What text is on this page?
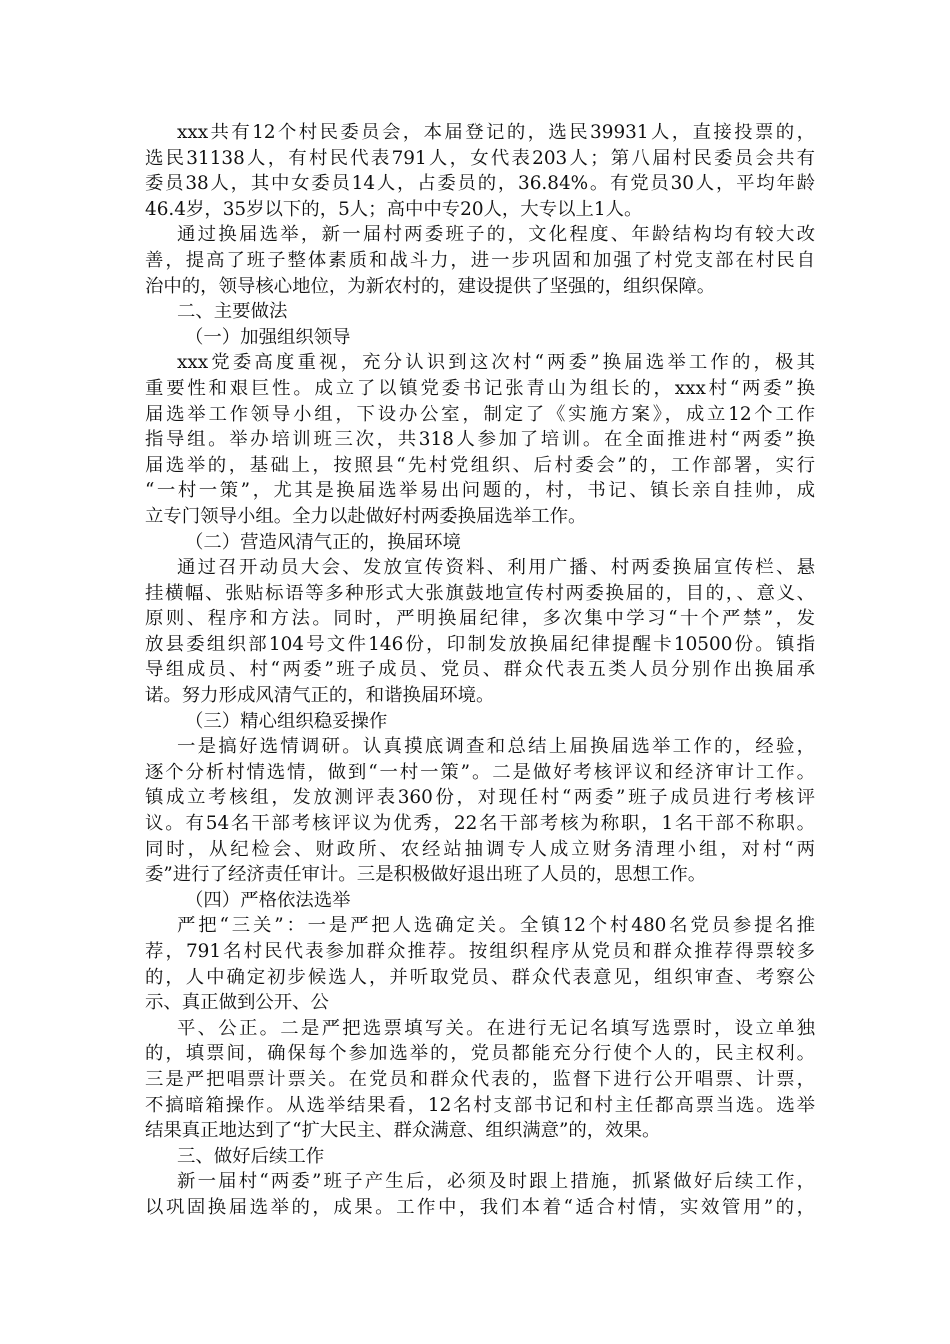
xxx共有12个村民委员会，本届登记的，选民39931人，直接投票的，
选民31138人，有村民代表791人，女代表203人；第八届村民委员会共有
委员38人，其中女委员14人，占委员的，36.84%。有党员30人，平均年龄
46.4岁，35岁以下的，5人；高中中专20人，大专以上1人。
通过换届选举，新一届村两委班子的，文化程度、年龄结构均有较大改
善，提高了班子整体素质和战斗力，进一步巩固和加强了村党支部在村民自
治中的，领导核心地位，为新农村的，建设提供了坚强的，组织保障。
二、主要做法
（一）加强组织领导
xxx党委高度重视，充分认识到这次村“两委”换届选举工作的，极其
重要性和艰巨性。成立了以镇党委书记张青山为组长的，xxx村“两委”换
届选举工作领导小组，下设办公室，制定了《实施方案》，成立12个工作
指导组。举办培训班三次，共318人参加了培训。在全面推进村“两委”换
届选举的，基础上，按照县“先村党组织、后村委会”的，工作部署，实行
“一村一策”，尤其是换届选举易出问题的，村，书记、镇长亲自挂帅，成
立专门领导小组。全力以赴做好村两委换届选举工作。
（二）营造风清气正的，换届环境
通过召开动员大会、发放宣传资料、利用广播、村两委换届宣传栏、悬
挂横幅、张贴标语等多种形式大张旗鼓地宣传村两委换届的，目的，、意义、
原则、程序和方法。同时，严明换届纪律，多次集中学习“十个严禁”，发
放县委组织部104号文件146份，印制发放换届纪律提醒卡10500份。镇指
导组成员、村“两委”班子成员、党员、群众代表五类人员分别作出换届承
诺。努力形成风清气正的，和谐换届环境。
（三）精心组织稳妥操作
一是搞好选情调研。认真摸底调查和总结上届换届选举工作的，经验，
逐个分析村情选情，做到“一村一策”。二是做好考核评议和经济审计工作。
镇成立考核组，发放测评表360份，对现任村“两委”班子成员进行考核评
议。有54名干部考核评议为优秀，22名干部考核为称职，1名干部不称职。
同时，从纪检会、财政所、农经站抽调专人成立财务清理小组，对村“两
委”进行了经济责任审计。三是积极做好退出班了人员的，思想工作。
（四）严格依法选举
严把“三关”：一是严把人选确定关。全镇12个村480名党员参提名推
荐，791名村民代表参加群众推荐。按组织程序从党员和群众推荐得票较多
的，人中确定初步候选人，并听取党员、群众代表意见，组织审查、考察公
示、真正做到公开、公
平、公正。二是严把选票填写关。在进行无记名填写选票时，设立单独
的，填票间，确保每个参加选举的，党员都能充分行使个人的，民主权利。
三是严把唱票计票关。在党员和群众代表的，监督下进行公开唱票、计票，
不搞暗箱操作。从选举结果看，12名村支部书记和村主任都高票当选。选举
结果真正地达到了“扩大民主、群众满意、组织满意”的，效果。
三、做好后续工作
新一届村“两委”班子产生后，必须及时跟上措施，抓紧做好后续工作，
以巩固换届选举的，成果。工作中，我们本着“适合村情，实效管用”的，
